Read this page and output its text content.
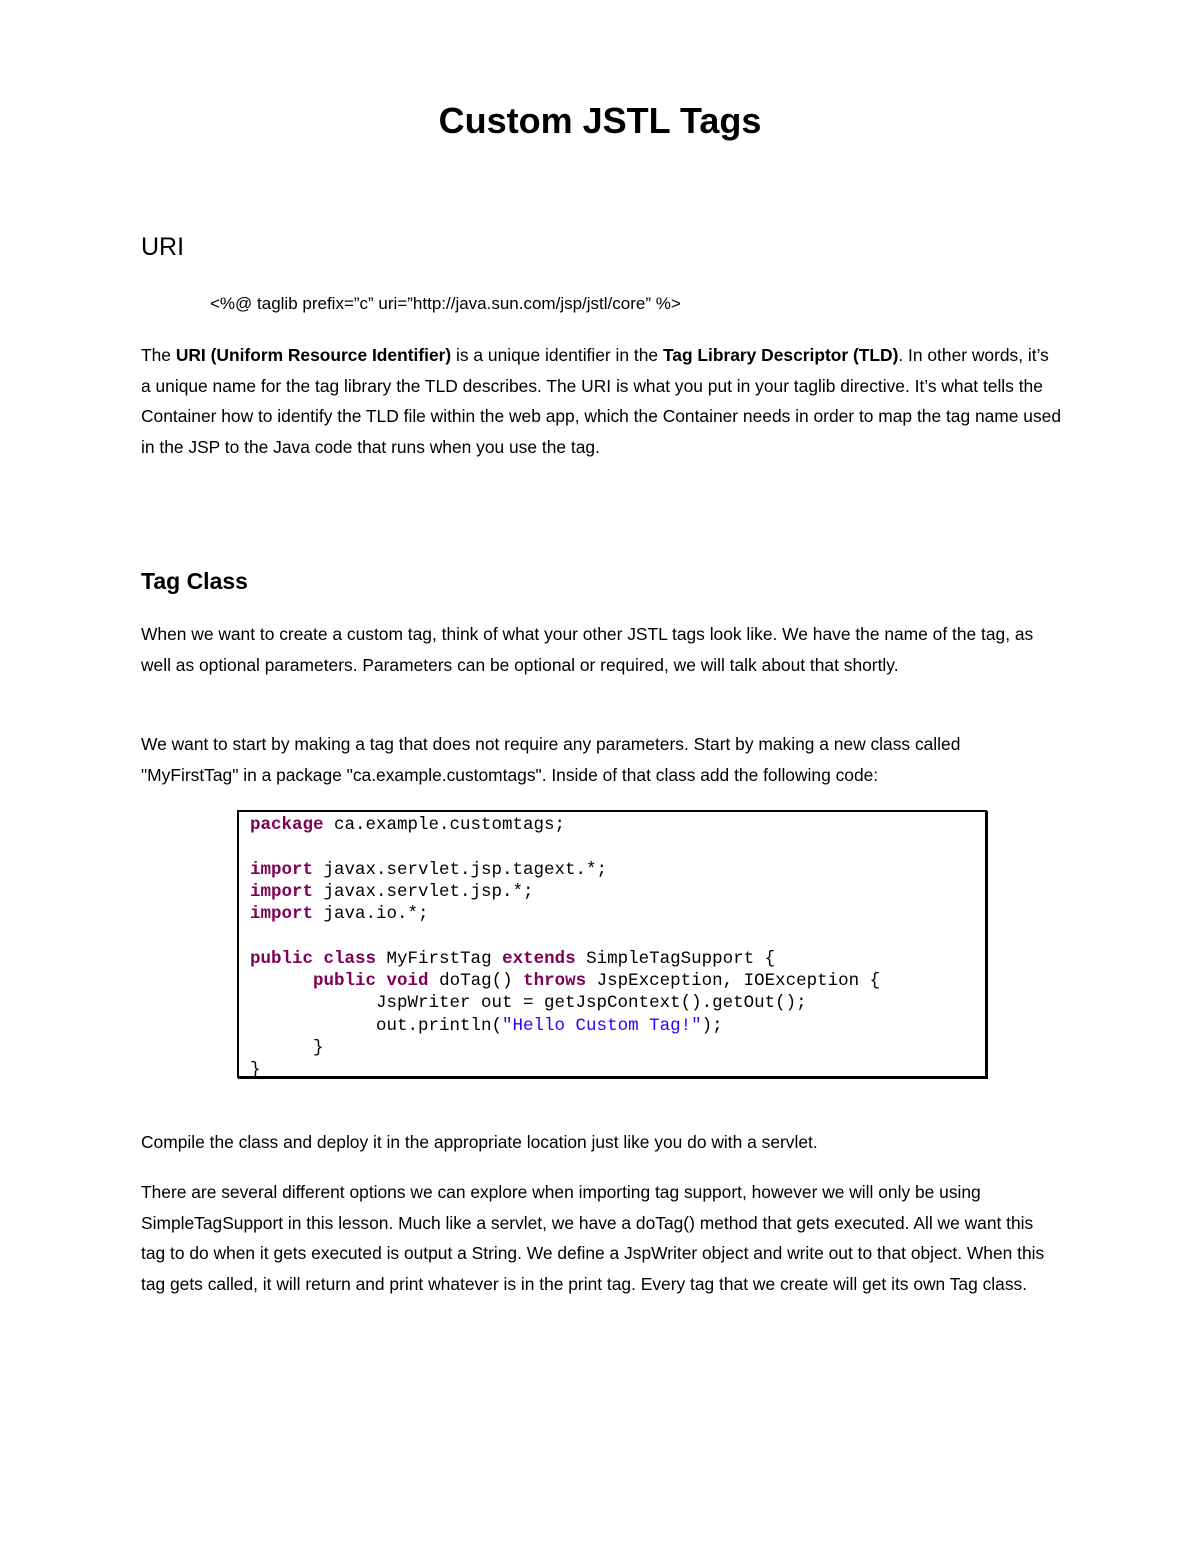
Custom JSTL Tags
URI

<%@ taglib prefix=”c” uri=”http://java.sun.com/jsp/jstl/core” %>

The URI (Uniform Resource Identifier) is a unique identifier in the Tag Library Descriptor (TLD). In other words, it’s a unique name for the tag library the TLD describes. The URI is what you put in your taglib directive. It’s what tells the Container how to identify the TLD file within the web app, which the Container needs in order to map the tag name used in the JSP to the Java code that runs when you use the tag.

Tag Class

When we want to create a custom tag, think of what your other JSTL tags look like. We have the name of the tag, as well as optional parameters. Parameters can be optional or required, we will talk about that shortly.

We want to start by making a tag that does not require any parameters. Start by making a new class called "MyFirstTag" in a package "ca.example.customtags". Inside of that class add the following code:

package ca.example.customtags;

import javax.servlet.jsp.tagext.*;
import javax.servlet.jsp.*;
import java.io.*;

public class MyFirstTag extends SimpleTagSupport {
public void doTag() throws JspException, IOException {
JspWriter out = getJspContext().getOut();
out.println("Hello Custom Tag!");
}
}

Compile the class and deploy it in the appropriate location just like you do with a servlet.

There are several different options we can explore when importing tag support, however we will only be using SimpleTagSupport in this lesson. Much like a servlet, we have a doTag() method that gets executed. All we want this tag to do when it gets executed is output a String. We define a JspWriter object and write out to that object. When this tag gets called, it will return and print whatever is in the print tag. Every tag that we create will get its own Tag class.
